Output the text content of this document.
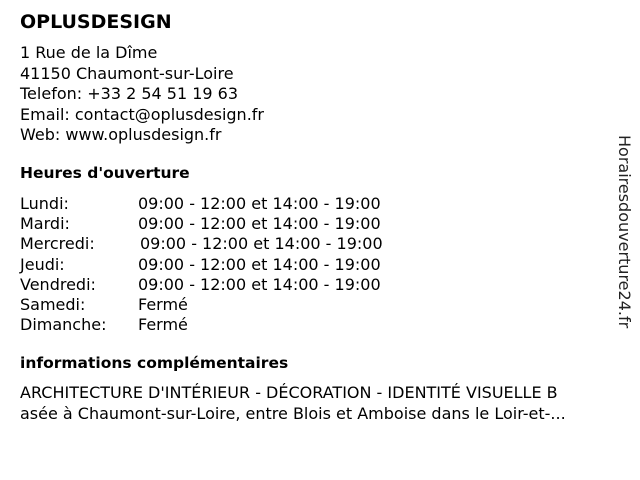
OPLUSDESIGN
1 Rue de la Dîme
41150 Chaumont-sur-Loire
Telefon: +33 2 54 51 19 63
Email: contact@oplusdesign.fr
Web: www.oplusdesign.fr
Heures d'ouverture
Lundi:	09:00 - 12:00 et 14:00 - 19:00
Mardi:	09:00 - 12:00 et 14:00 - 19:00
Mercredi:	09:00 - 12:00 et 14:00 - 19:00
Jeudi:	09:00 - 12:00 et 14:00 - 19:00
Vendredi:	09:00 - 12:00 et 14:00 - 19:00
Samedi:	Fermé
Dimanche:	Fermé
informations complémentaires
ARCHITECTURE D'INTÉRIEUR - DÉCORATION - IDENTITÉ VISUELLE B
asée à Chaumont-sur-Loire, entre Blois et Amboise dans le Loir-et-...
Horairesdouverture24.fr
